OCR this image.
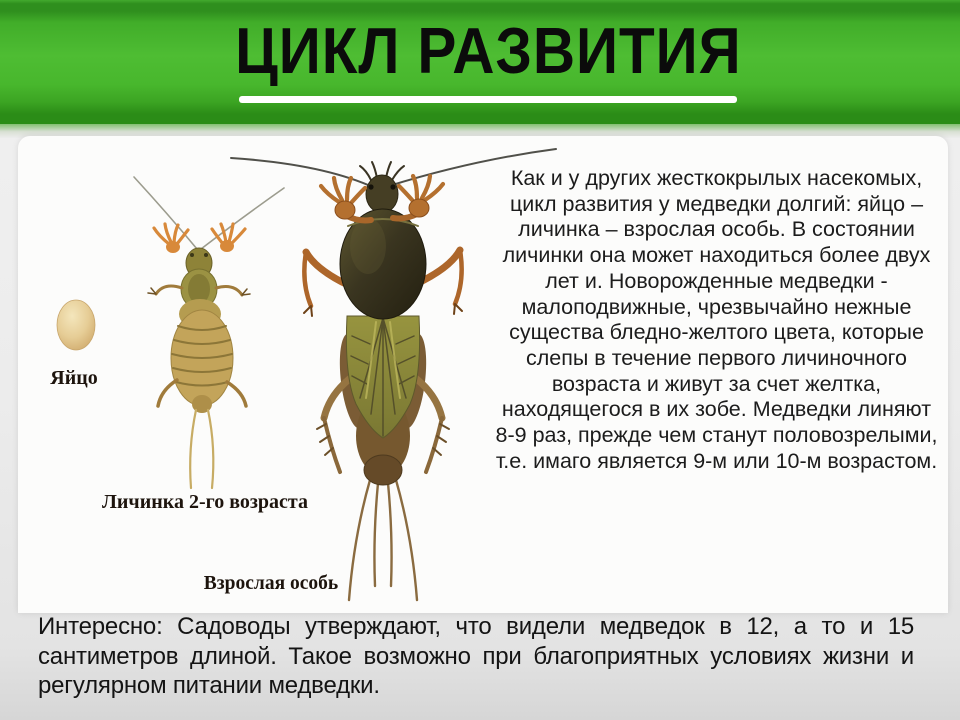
ЦИКЛ РАЗВИТИЯ
Яйцо
Личинка 2-го возраста
Взрослая особь
Как и у других жесткокрылых насекомых,
цикл развития у медведки долгий: яйцо –
личинка – взрослая особь. В состоянии
личинки она может находиться более двух
лет и. Новорожденные медведки -
малоподвижные, чрезвычайно нежные
существа бледно-желтого цвета, которые
слепы в течение первого личиночного
возраста и живут за счет желтка,
находящегося в их зобе. Медведки линяют
8-9 раз, прежде чем станут половозрелыми,
т.е. имаго является 9-м или 10-м возрастом.

Интересно: Садоводы утверждают, что видели медведок в 12, а то и 15 сантиметров длиной. Такое возможно при благоприятных условиях жизни и регулярном питании медведки.
